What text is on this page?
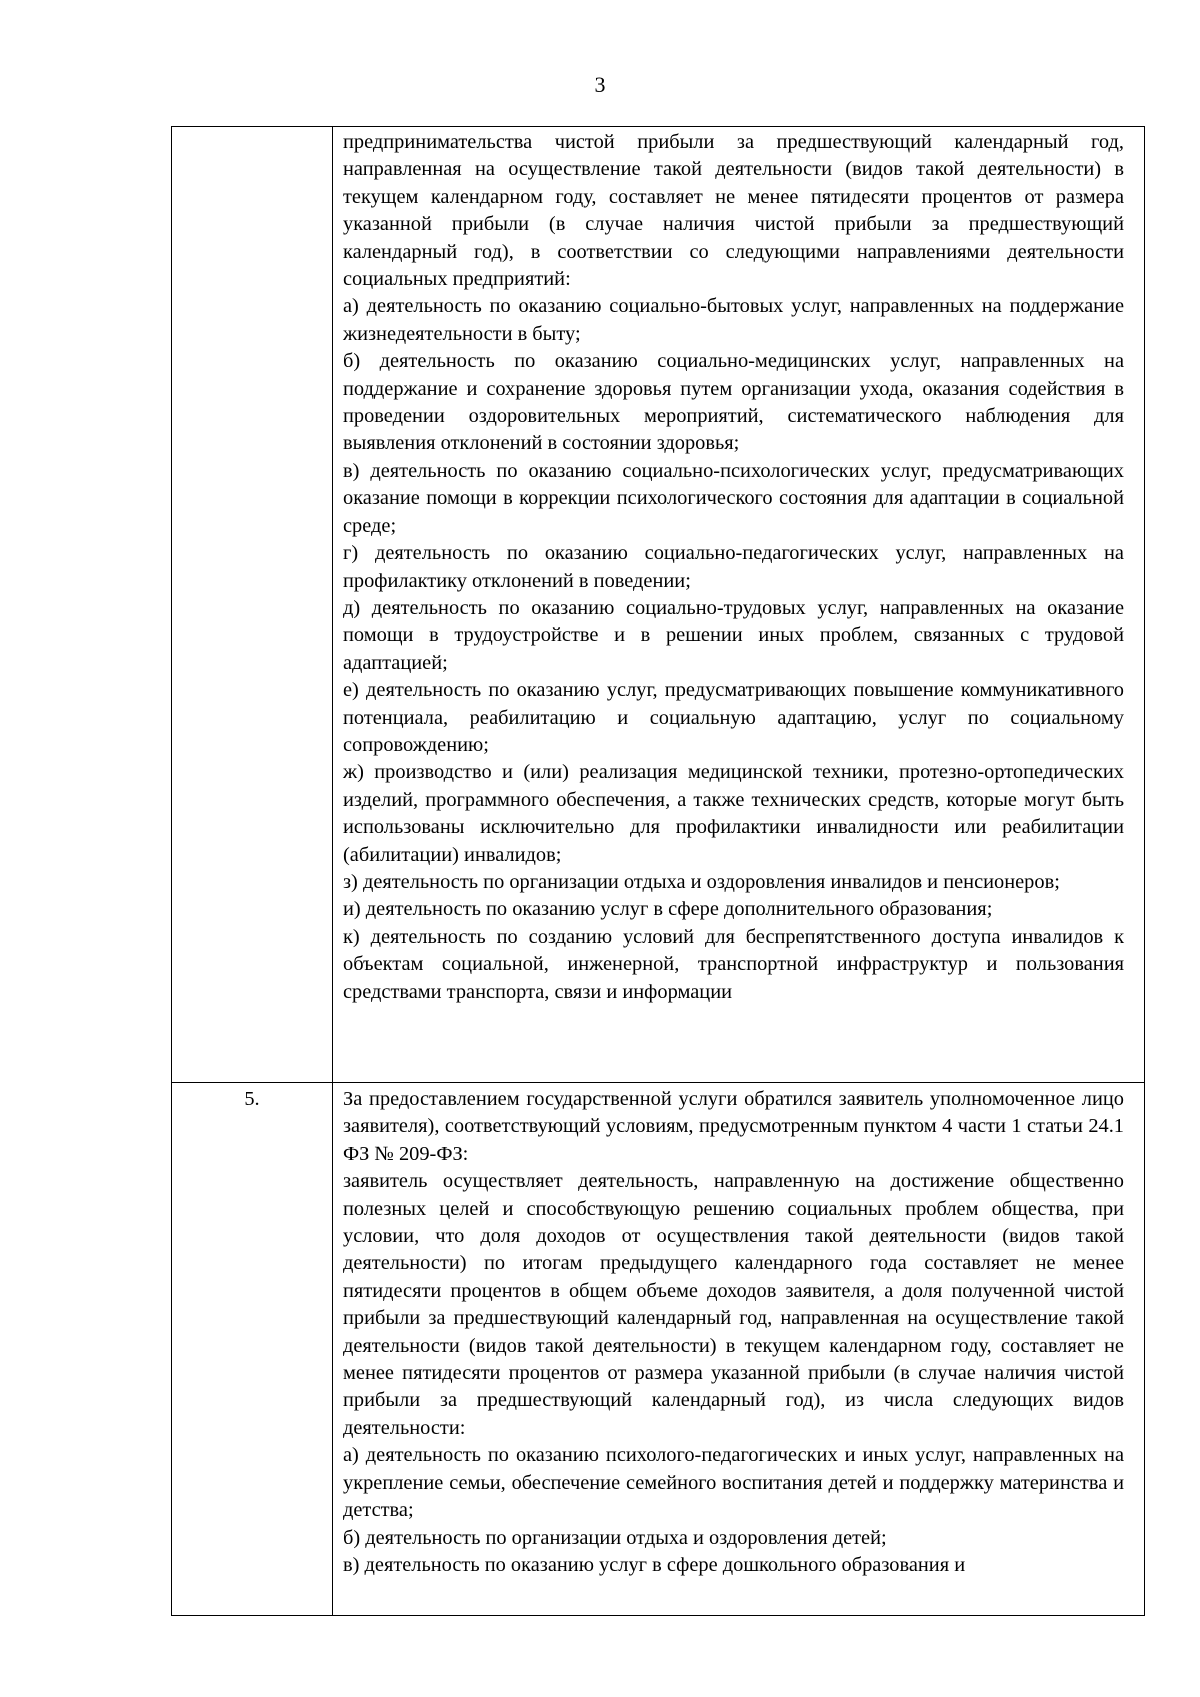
3

предпринимательства чистой прибыли за предшествующий календарный год, направленная на осуществление такой деятельности (видов такой деятельности) в текущем календарном году, составляет не менее пятидесяти процентов от размера указанной прибыли (в случае наличия чистой прибыли за предшествующий календарный год), в соответствии со следующими направлениями деятельности социальных предприятий:

а) деятельность по оказанию социально-бытовых услуг, направленных на поддержание жизнедеятельности в быту;

б) деятельность по оказанию социально-медицинских услуг, направленных на поддержание и сохранение здоровья путем организации ухода, оказания содействия в проведении оздоровительных мероприятий, систематического наблюдения для выявления отклонений в состоянии здоровья;

в) деятельность по оказанию социально-психологических услуг, предусматривающих оказание помощи в коррекции психологического состояния для адаптации в социальной среде;

г) деятельность по оказанию социально-педагогических услуг, направленных на профилактику отклонений в поведении;

д) деятельность по оказанию социально-трудовых услуг, направленных на оказание помощи в трудоустройстве и в решении иных проблем, связанных с трудовой адаптацией;

е) деятельность по оказанию услуг, предусматривающих повышение коммуникативного потенциала, реабилитацию и социальную адаптацию, услуг по социальному сопровождению;

ж) производство и (или) реализация медицинской техники, протезно-ортопедических изделий, программного обеспечения, а также технических средств, которые могут быть использованы исключительно для профилактики инвалидности или реабилитации (абилитации) инвалидов;

з) деятельность по организации отдыха и оздоровления инвалидов и пенсионеров;

и) деятельность по оказанию услуг в сфере дополнительного образования;

к) деятельность по созданию условий для беспрепятственного доступа инвалидов к объектам социальной, инженерной, транспортной инфраструктур и пользования средствами транспорта, связи и информации

5.	За предоставлением государственной услуги обратился заявитель уполномоченное лицо заявителя), соответствующий условиям, предусмотренным пунктом 4 части 1 статьи 24.1 ФЗ № 209-ФЗ:

заявитель осуществляет деятельность, направленную на достижение общественно полезных целей и способствующую решению социальных проблем общества, при условии, что доля доходов от осуществления такой деятельности (видов такой деятельности) по итогам предыдущего календарного года составляет не менее пятидесяти процентов в общем объеме доходов заявителя, а доля полученной чистой прибыли за предшествующий календарный год, направленная на осуществление такой деятельности (видов такой деятельности) в текущем календарном году, составляет не менее пятидесяти процентов от размера указанной прибыли (в случае наличия чистой прибыли за предшествующий календарный год), из числа следующих видов деятельности:

а) деятельность по оказанию психолого-педагогических и иных услуг, направленных на укрепление семьи, обеспечение семейного воспитания детей и поддержку материнства и детства;

б) деятельность по организации отдыха и оздоровления детей;

в) деятельность по оказанию услуг в сфере дошкольного образования и
